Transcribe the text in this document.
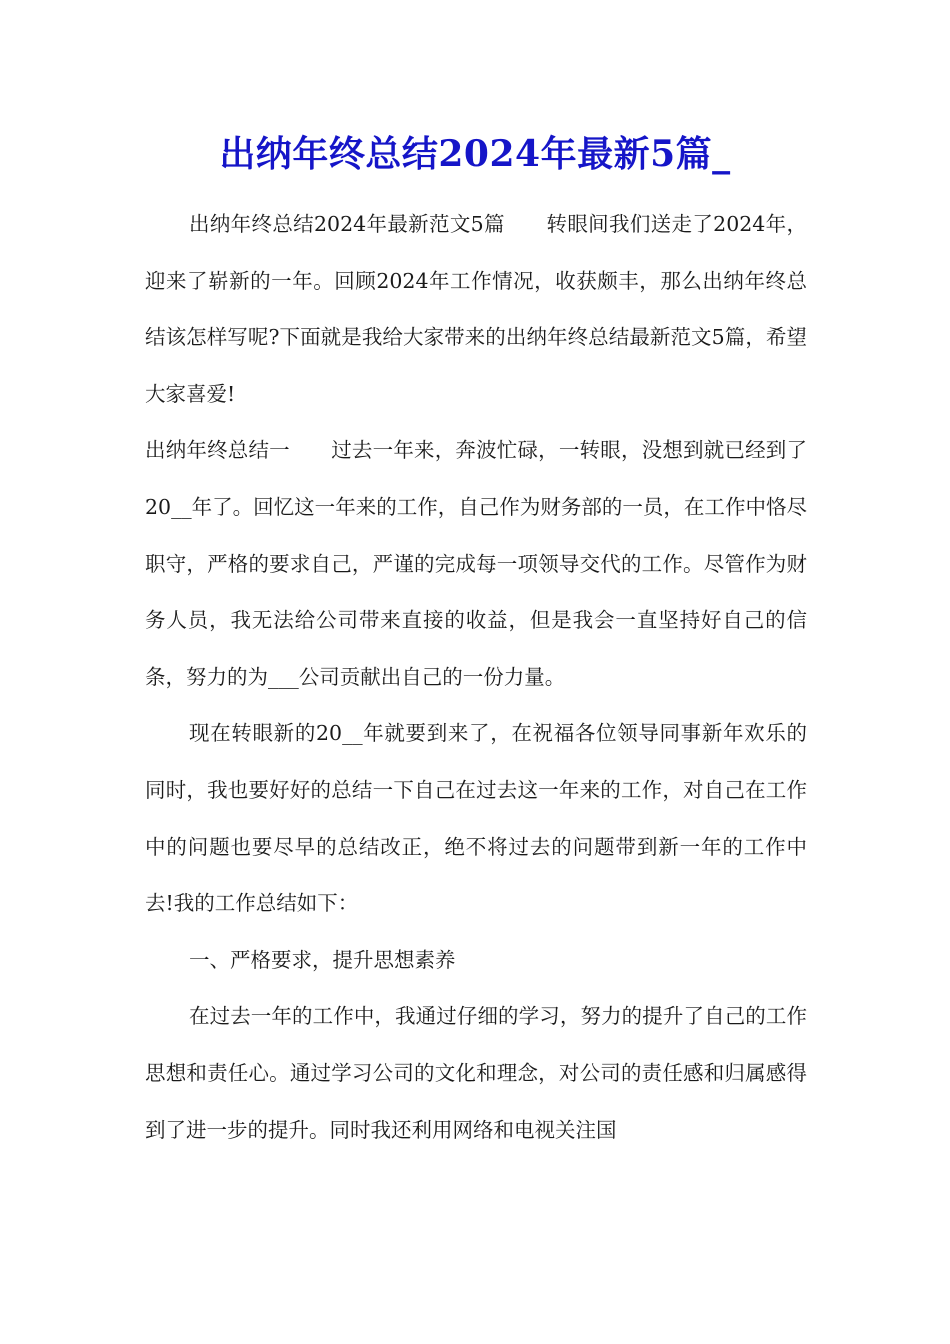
出纳年终总结2024年最新5篇_

出纳年终总结2024年最新范文5篇　　转眼间我们送走了2024年，迎来了崭新的一年。回顾2024年工作情况，收获颇丰，那么出纳年终总结该怎样写呢?下面就是我给大家带来的出纳年终总结最新范文5篇，希望大家喜爱!

出纳年终总结一　　过去一年来，奔波忙碌，一转眼，没想到就已经到了20__年了。回忆这一年来的工作，自己作为财务部的一员，在工作中恪尽职守，严格的要求自己，严谨的完成每一项领导交代的工作。尽管作为财务人员，我无法给公司带来直接的收益，但是我会一直坚持好自己的信条，努力的为___公司贡献出自己的一份力量。

现在转眼新的20__年就要到来了，在祝福各位领导同事新年欢乐的同时，我也要好好的总结一下自己在过去这一年来的工作，对自己在工作中的问题也要尽早的总结改正，绝不将过去的问题带到新一年的工作中去!我的工作总结如下：

一、严格要求，提升思想素养

在过去一年的工作中，我通过仔细的学习，努力的提升了自己的工作思想和责任心。通过学习公司的文化和理念，对公司的责任感和归属感得到了进一步的提升。同时我还利用网络和电视关注国
